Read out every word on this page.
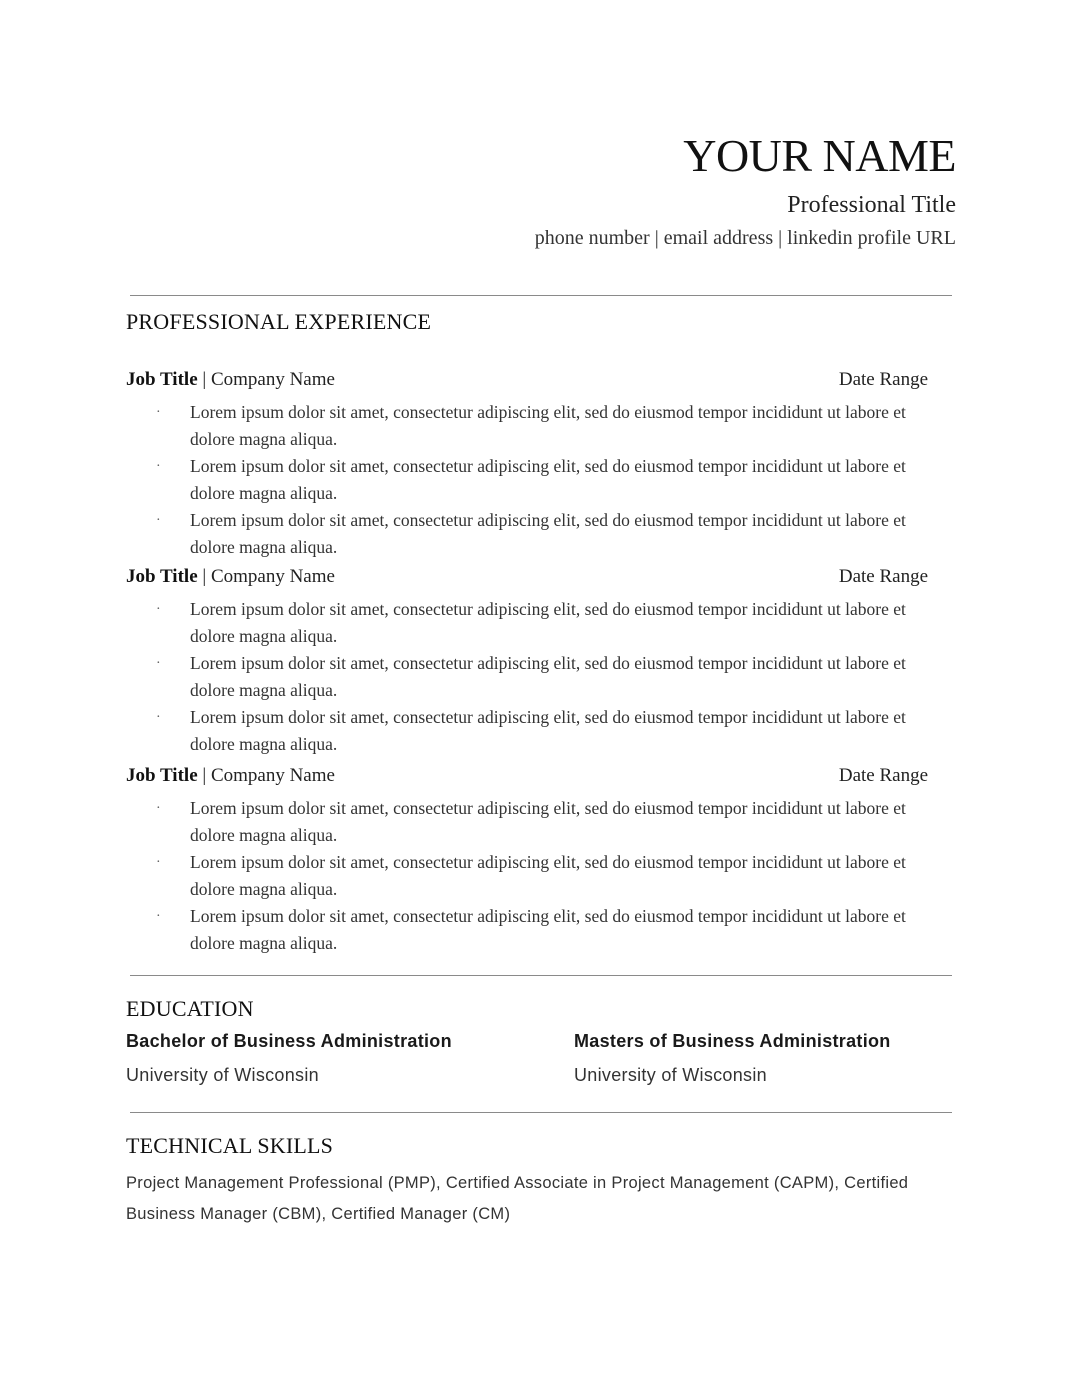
YOUR NAME
Professional Title
phone number | email address | linkedin profile URL
PROFESSIONAL EXPERIENCE
Job Title | Company Name	Date Range
· Lorem ipsum dolor sit amet, consectetur adipiscing elit, sed do eiusmod tempor incididunt ut labore et dolore magna aliqua.
· Lorem ipsum dolor sit amet, consectetur adipiscing elit, sed do eiusmod tempor incididunt ut labore et dolore magna aliqua.
· Lorem ipsum dolor sit amet, consectetur adipiscing elit, sed do eiusmod tempor incididunt ut labore et dolore magna aliqua.
Job Title | Company Name	Date Range
· Lorem ipsum dolor sit amet, consectetur adipiscing elit, sed do eiusmod tempor incididunt ut labore et dolore magna aliqua.
· Lorem ipsum dolor sit amet, consectetur adipiscing elit, sed do eiusmod tempor incididunt ut labore et dolore magna aliqua.
· Lorem ipsum dolor sit amet, consectetur adipiscing elit, sed do eiusmod tempor incididunt ut labore et dolore magna aliqua.
Job Title | Company Name	Date Range
· Lorem ipsum dolor sit amet, consectetur adipiscing elit, sed do eiusmod tempor incididunt ut labore et dolore magna aliqua.
· Lorem ipsum dolor sit amet, consectetur adipiscing elit, sed do eiusmod tempor incididunt ut labore et dolore magna aliqua.
· Lorem ipsum dolor sit amet, consectetur adipiscing elit, sed do eiusmod tempor incididunt ut labore et dolore magna aliqua.
EDUCATION
Bachelor of Business Administration
University of Wisconsin
Masters of Business Administration
University of Wisconsin
TECHNICAL SKILLS
Project Management Professional (PMP), Certified Associate in Project Management (CAPM), Certified Business Manager (CBM), Certified Manager (CM)
